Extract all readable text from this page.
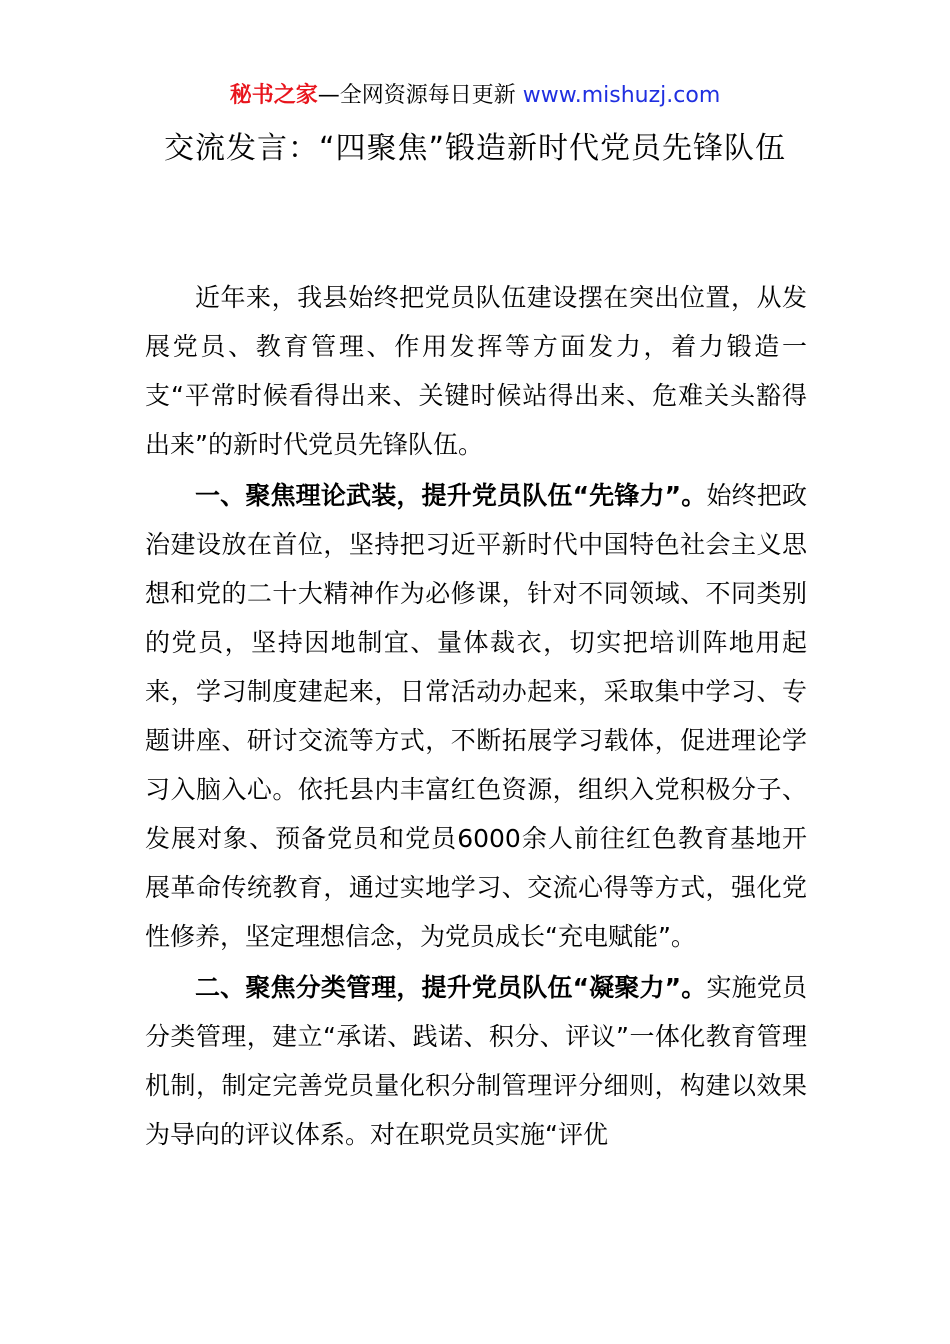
秘书之家—全网资源每日更新 www.mishuzj.com
交流发言：“四聚焦”锻造新时代党员先锋队伍

近年来，我县始终把党员队伍建设摆在突出位置，从发展党员、教育管理、作用发挥等方面发力，着力锻造一支“平常时候看得出来、关键时候站得出来、危难关头豁得出来”的新时代党员先锋队伍。

一、聚焦理论武装，提升党员队伍“先锋力”。始终把政治建设放在首位，坚持把习近平新时代中国特色社会主义思想和党的二十大精神作为必修课，针对不同领域、不同类别的党员，坚持因地制宜、量体裁衣，切实把培训阵地用起来，学习制度建起来，日常活动办起来，采取集中学习、专题讲座、研讨交流等方式，不断拓展学习载体，促进理论学习入脑入心。依托县内丰富红色资源，组织入党积极分子、发展对象、预备党员和党员6000余人前往红色教育基地开展革命传统教育，通过实地学习、交流心得等方式，强化党性修养，坚定理想信念，为党员成长“充电赋能”。

二、聚焦分类管理，提升党员队伍“凝聚力”。实施党员分类管理，建立“承诺、践诺、积分、评议”一体化教育管理机制，制定完善党员量化积分制管理评分细则，构建以效果为导向的评议体系。对在职党员实施“评优
